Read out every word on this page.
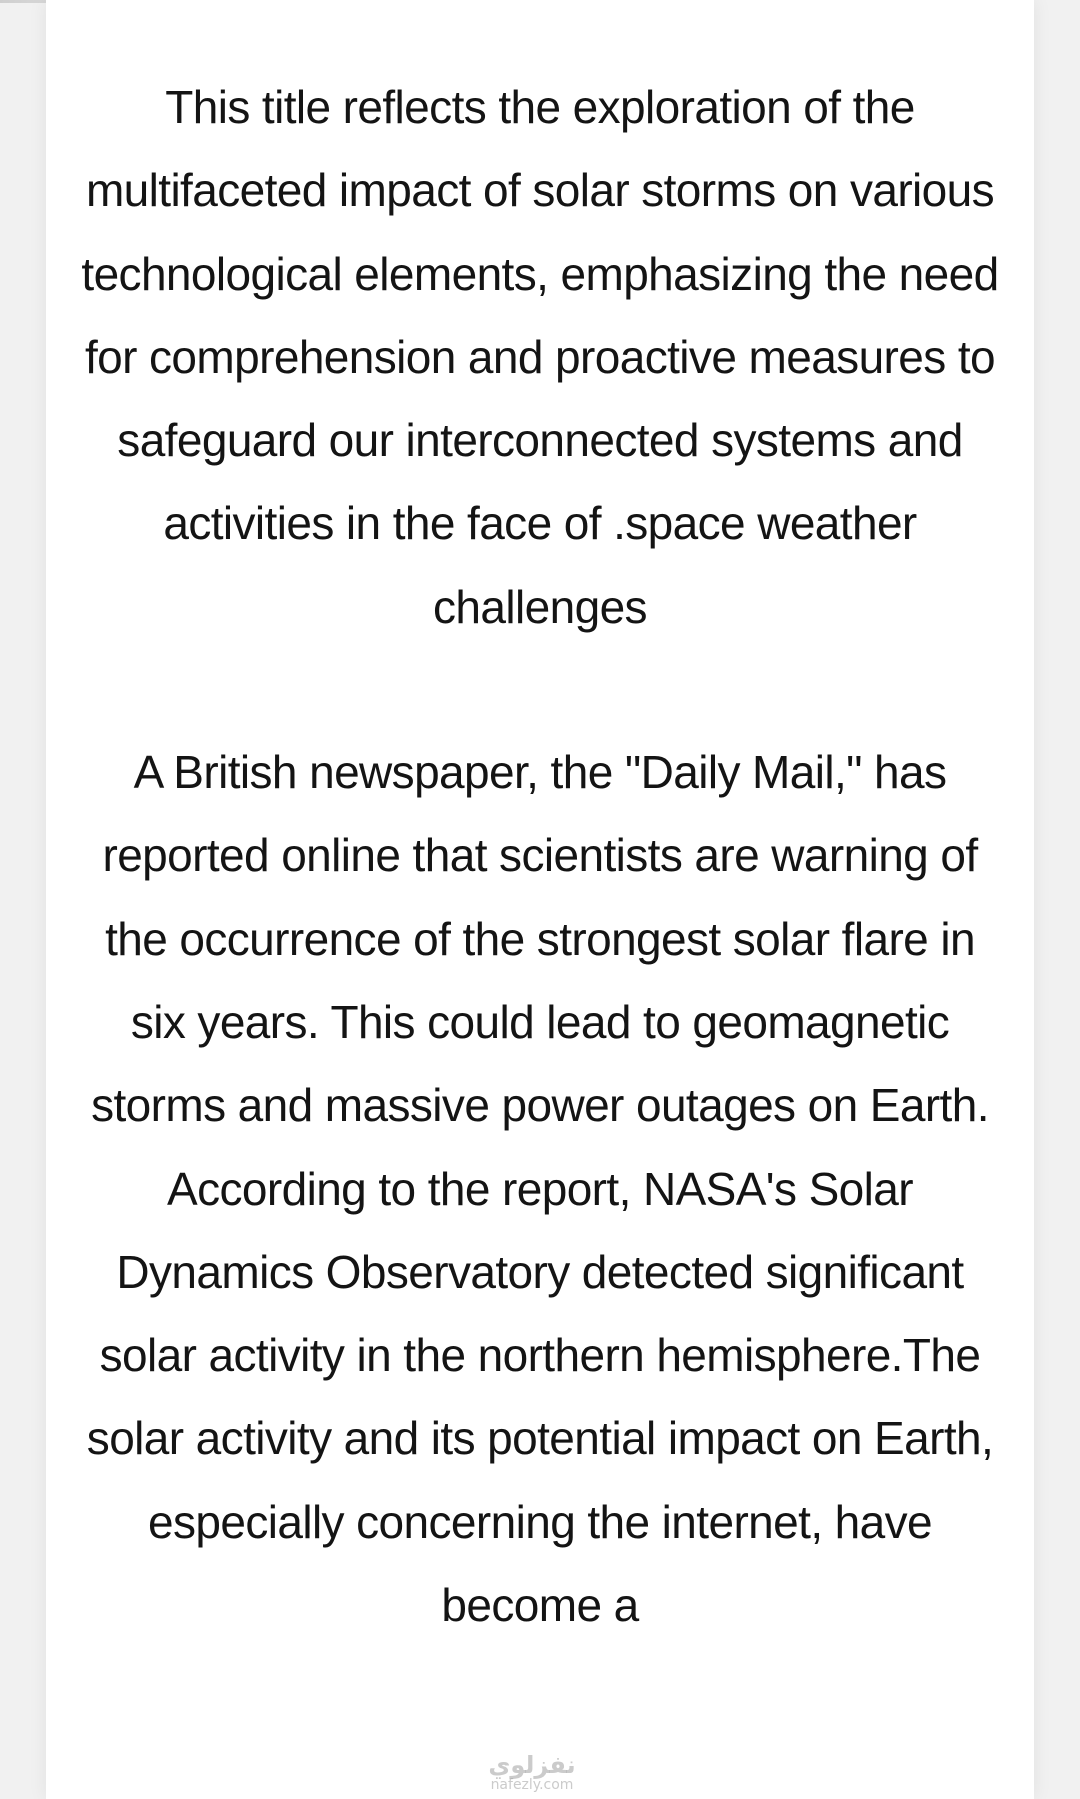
This title reflects the exploration of the multifaceted impact of solar storms on various technological elements, emphasizing the need for comprehension and proactive measures to safeguard our interconnected systems and activities in the face of .space weather challenges

A British newspaper, the "Daily Mail," has reported online that scientists are warning of the occurrence of the strongest solar flare in six years. This could lead to geomagnetic storms and massive power outages on Earth. According to the report, NASA's Solar Dynamics Observatory detected significant solar activity in the northern hemisphere.The solar activity and its potential impact on Earth, especially concerning the internet, have become a

نفزلوي
nafezly.com
